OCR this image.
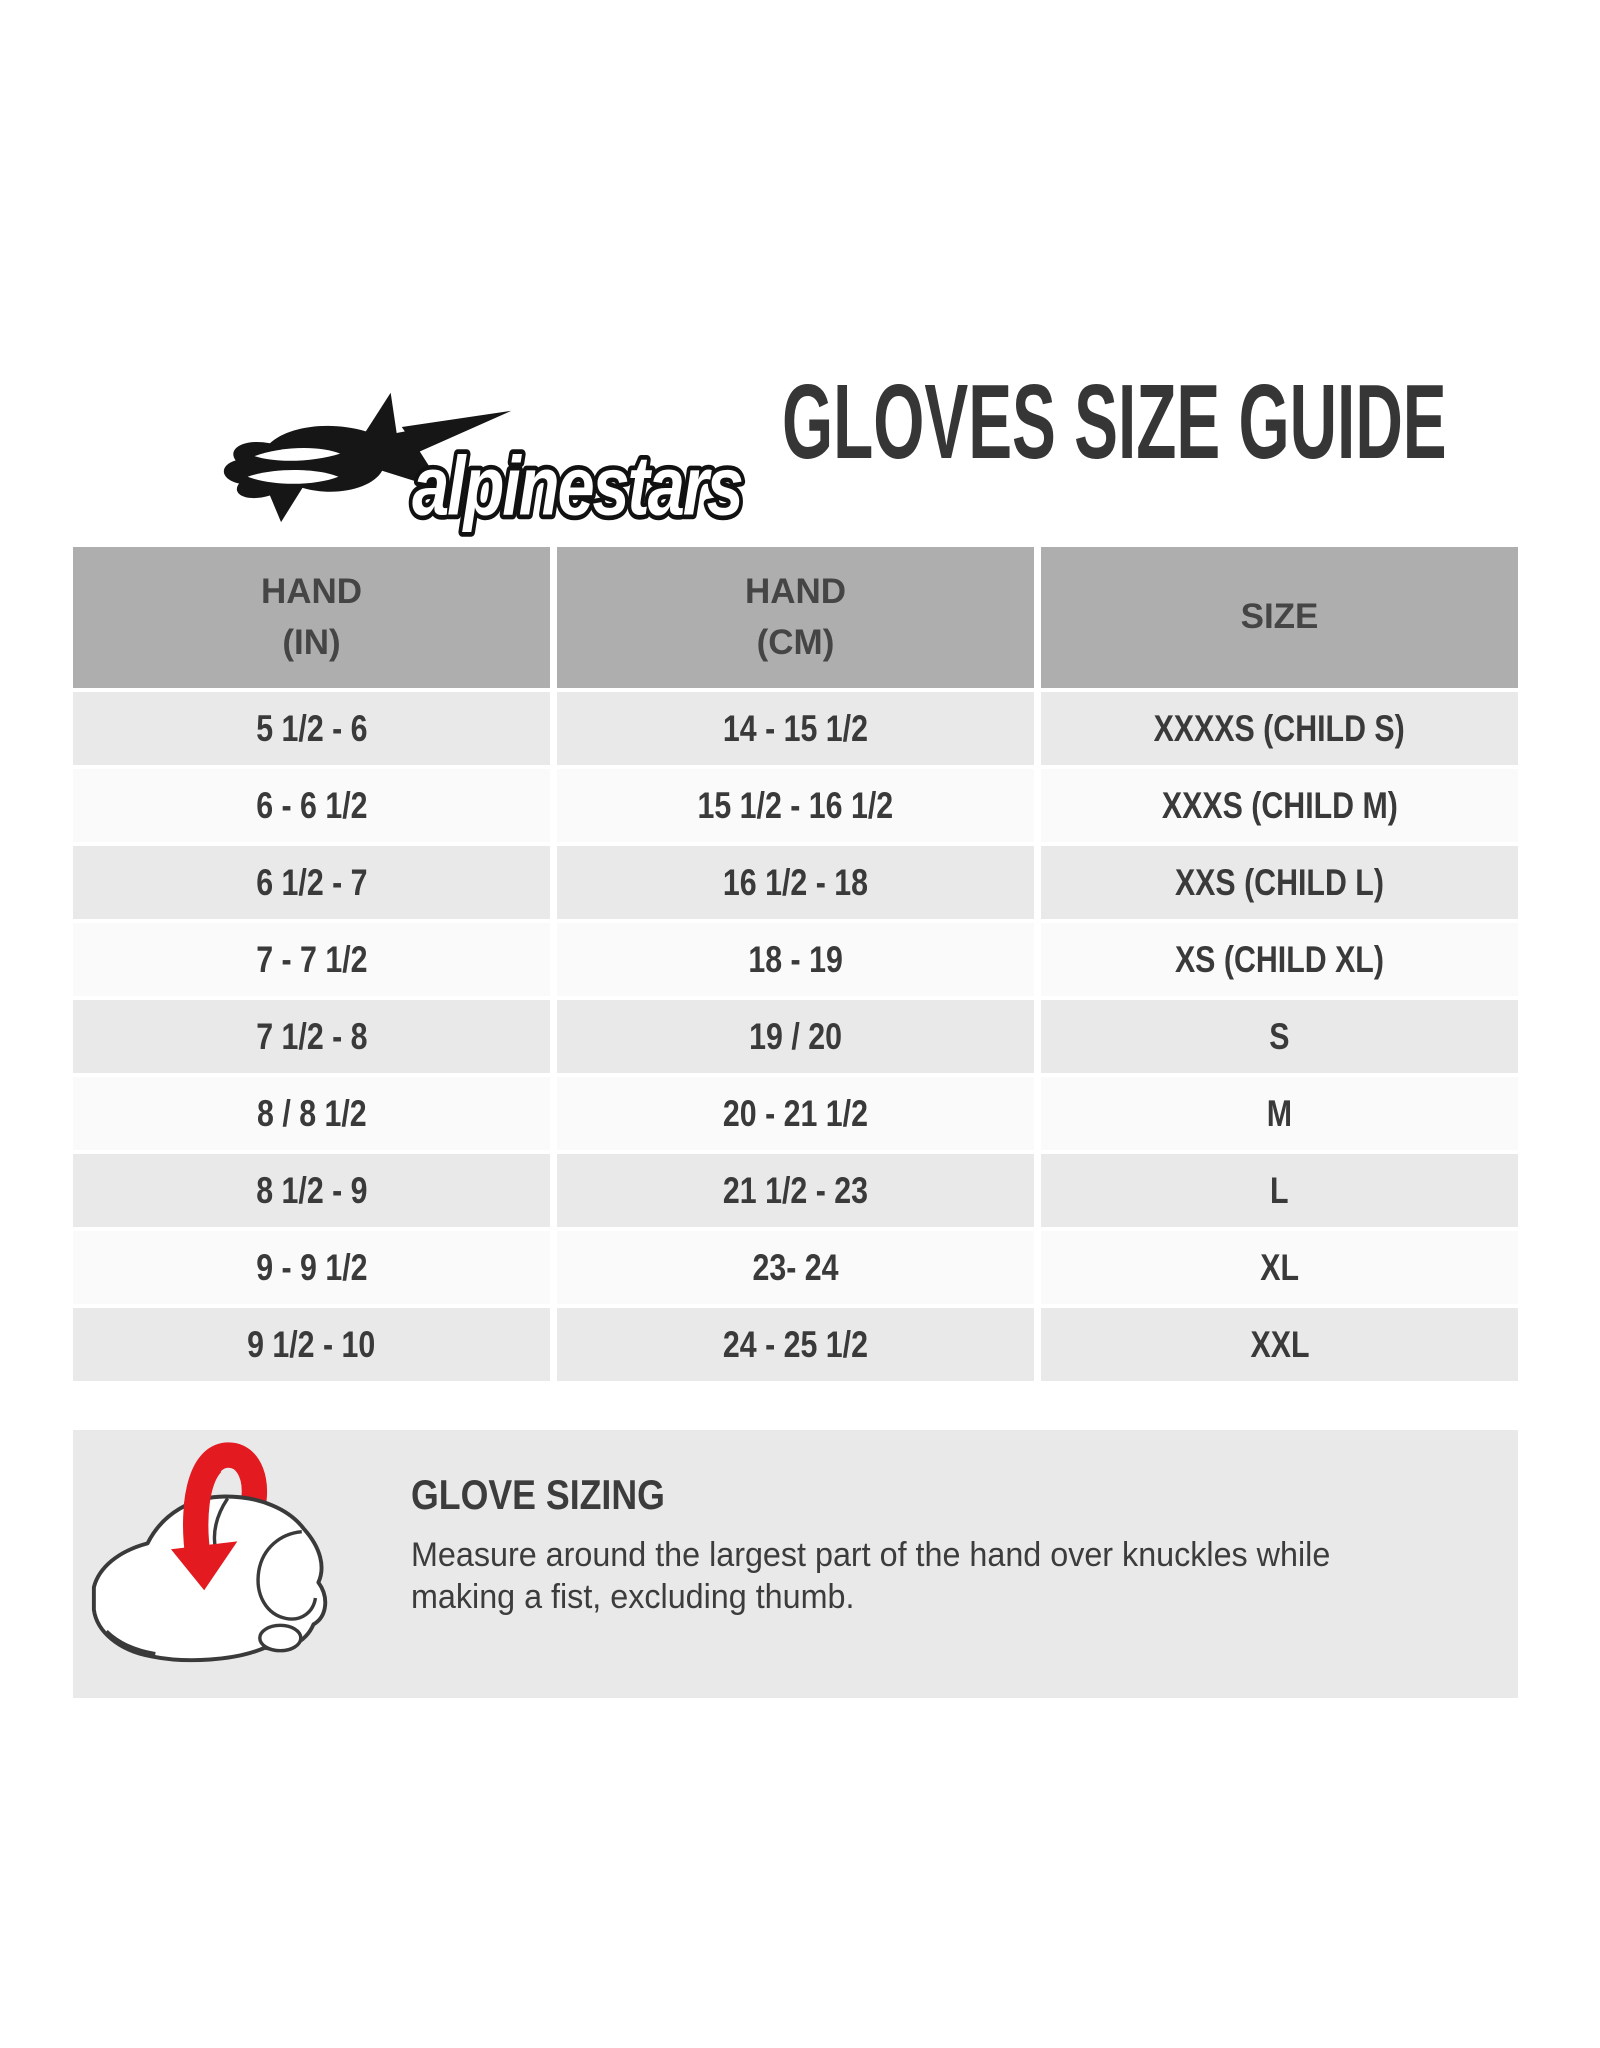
alpinestars
GLOVES SIZE GUIDE
HAND
(IN)

HAND
(CM)

SIZE

5 1/2 - 6	14 - 15 1/2	XXXXS (CHILD S)
6 - 6 1/2	15 1/2 - 16 1/2	XXXS (CHILD M)
6 1/2 - 7	16 1/2 - 18	XXS (CHILD L)
7 - 7 1/2	18 - 19	XS (CHILD XL)
7 1/2 - 8	19 / 20	S
8 / 8 1/2	20 - 21 1/2	M
8 1/2 - 9	21 1/2 - 23	L
9 - 9 1/2	23- 24	XL
9 1/2 - 10	24 - 25 1/2	XXL
GLOVE SIZING
Measure around the largest part of the hand over knuckles while
making a fist, excluding thumb.
